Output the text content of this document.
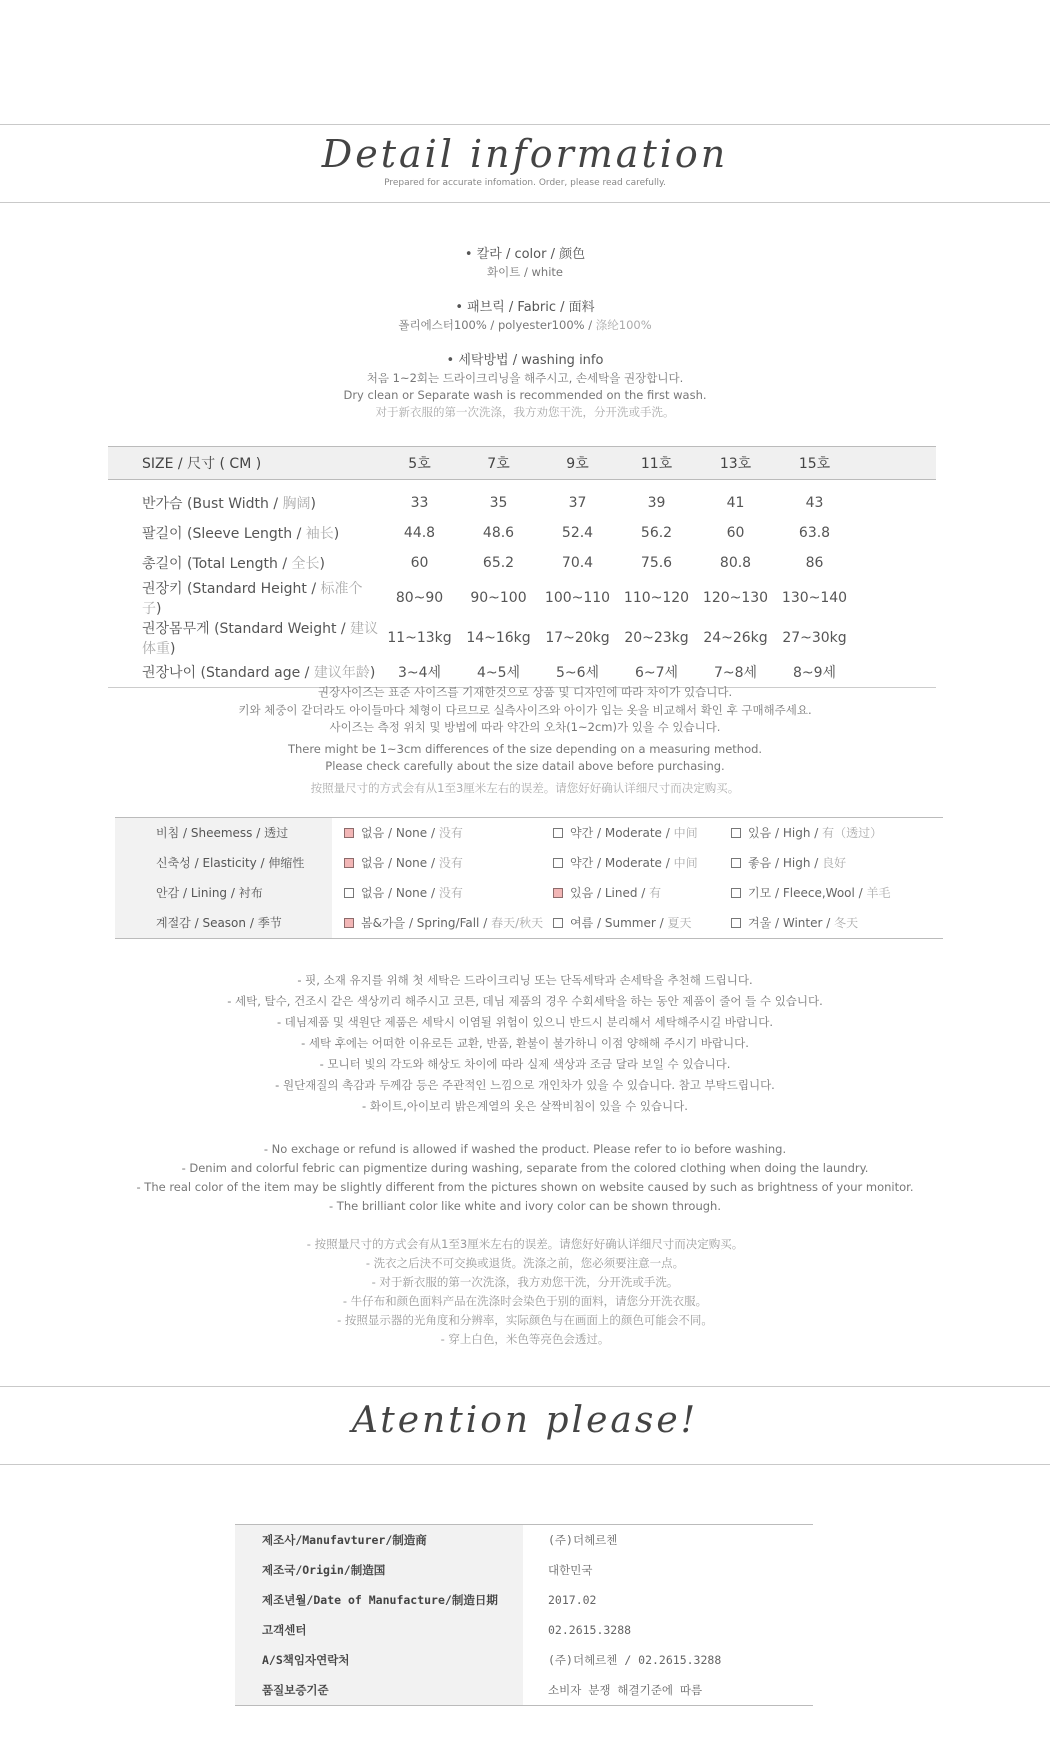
Detail information
Prepared for accurate infomation. Order, please read carefully.
• 칼라 / color / 颜色
화이트 / white
• 패브릭 / Fabric / 面料
폴리에스터100% / polyester100% / 涤纶100%
• 세탁방법 / washing info
처음 1~2회는 드라이크리닝을 해주시고, 손세탁을 권장합니다.
Dry clean or Separate wash is recommended on the first wash.
对于新衣服的第一次洗涤，我方劝您干洗，分开洗或手洗。
SIZE / 尺寸 ( CM )	5호	7호	9호	11호	13호	15호	

반가슴 (Bust Width / 胸阔)	33	35	37	39	41	43	
팔길이 (Sleeve Length / 袖长)	44.8	48.6	52.4	56.2	60	63.8	
총길이 (Total Length / 全长)	60	65.2	70.4	75.6	80.8	86	
권장키 (Standard Height / 标准个子)	80~90	90~100	100~110	110~120	120~130	130~140	
권장몸무게 (Standard Weight / 建议体重)	11~13kg	14~16kg	17~20kg	20~23kg	24~26kg	27~30kg	
권장나이 (Standard age / 建议年龄)	3~4세	4~5세	5~6세	6~7세	7~8세	8~9세	
권장사이즈는 표준 사이즈를 기재한것으로 상품 및 디자인에 따라 차이가 있습니다.
키와 체중이 같더라도 아이들마다 체형이 다르므로 실측사이즈와 아이가 입는 옷을 비교해서 확인 후 구매해주세요.
사이즈는 측정 위치 및 방법에 따라 약간의 오차(1~2cm)가 있을 수 있습니다.
There might be 1~3cm differences of the size depending on a measuring method.
Please check carefully about the size datail above before purchasing.
按照量尺寸的方式会有从1至3厘米左右的误差。请您好好确认详细尺寸而决定购买。
비침 / Sheemess / 透过	없음 / None / 没有	약간 / Moderate / 中间	있음 / High / 有（透过）
신축성 / Elasticity / 伸缩性	없음 / None / 没有	약간 / Moderate / 中间	좋음 / High / 良好
안감 / Lining / 衬布	없음 / None / 没有	있음 / Lined / 有	기모 / Fleece,Wool / 羊毛
계절감 / Season / 季节	봄&가을 / Spring/Fall / 春天/秋天	여름 / Summer / 夏天	겨울 / Winter / 冬天
- 핏, 소재 유지를 위해 첫 세탁은 드라이크리닝 또는 단독세탁과 손세탁을 추천해 드립니다.
- 세탁, 탈수, 건조시 같은 색상끼리 해주시고 코튼, 데님 제품의 경우 수회세탁을 하는 동안 제품이 줄어 들 수 있습니다.
- 데님제품 및 색원단 제품은 세탁시 이염될 위험이 있으니 반드시 분리해서 세탁해주시길 바랍니다.
- 세탁 후에는 어떠한 이유로든 교환, 반품, 환불이 불가하니 이점 양해해 주시기 바랍니다.
- 모니터 빛의 각도와 해상도 차이에 따라 실제 색상과 조금 달라 보일 수 있습니다.
- 원단재질의 촉감과 두께감 등은 주관적인 느낌으로 개인차가 있을 수 있습니다. 참고 부탁드립니다.
- 화이트,아이보리 밝은계열의 옷은 살짝비침이 있을 수 있습니다.
- No exchage or refund is allowed if washed the product. Please refer to io before washing.
- Denim and colorful febric can pigmentize during washing, separate from the colored clothing when doing the laundry.
- The real color of the item may be slightly different from the pictures shown on website caused by such as brightness of your monitor.
- The brilliant color like white and ivory color can be shown through.
- 按照量尺寸的方式会有从1至3厘米左右的误差。请您好好确认详细尺寸而决定购买。
- 洗衣之后決不可交换或退货。洗涤之前，您必须要注意一点。
- 对于新衣服的第一次洗涤，我方劝您干洗，分开洗或手洗。
- 牛仔布和颜色面料产品在洗涤时会染色于别的面料，请您分开洗衣服。
- 按照显示器的光角度和分辨率，实际颜色与在画面上的颜色可能会不同。
- 穿上白色，米色等亮色会透过。
Atention please!
제조사/Manufavturer/制造商	(주)더헤르첸
제조국/Origin/制造国	대한민국
제조년월/Date of Manufacture/制造日期	2017.02
고객센터	02.2615.3288
A/S책임자연락처	(주)더헤르첸 / 02.2615.3288
품질보증기준	소비자 분쟁 해결기준에 따름
